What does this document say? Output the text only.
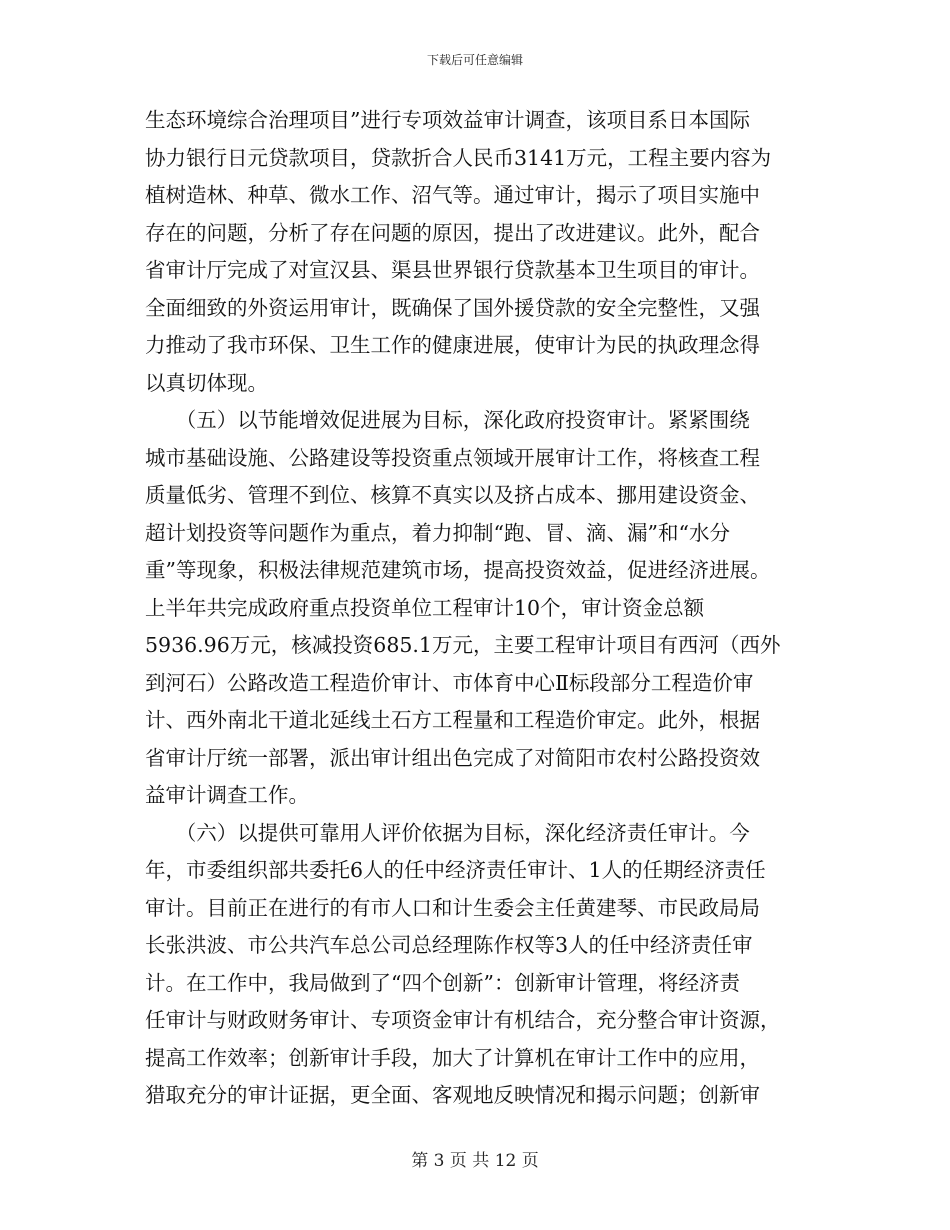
下载后可任意编辑

生态环境综合治理项目”进行专项效益审计调查，该项目系日本国际
协力银行日元贷款项目，贷款折合人民币3141万元，工程主要内容为
植树造林、种草、微水工作、沼气等。通过审计，揭示了项目实施中
存在的问题，分析了存在问题的原因，提出了改进建议。此外，配合
省审计厅完成了对宣汉县、渠县世界银行贷款基本卫生项目的审计。
全面细致的外资运用审计，既确保了国外援贷款的安全完整性，又强
力推动了我市环保、卫生工作的健康进展，使审计为民的执政理念得
以真切体现。

　　（五）以节能增效促进展为目标，深化政府投资审计。紧紧围绕
城市基础设施、公路建设等投资重点领域开展审计工作，将核查工程
质量低劣、管理不到位、核算不真实以及挤占成本、挪用建设资金、
超计划投资等问题作为重点，着力抑制“跑、冒、滴、漏”和“水分
重”等现象，积极法律规范建筑市场，提高投资效益，促进经济进展。
上半年共完成政府重点投资单位工程审计10个，审计资金总额
5936.96万元，核减投资685.1万元，主要工程审计项目有西河（西外
到河石）公路改造工程造价审计、市体育中心Ⅱ标段部分工程造价审
计、西外南北干道北延线土石方工程量和工程造价审定。此外，根据
省审计厅统一部署，派出审计组出色完成了对简阳市农村公路投资效
益审计调查工作。

　　（六）以提供可靠用人评价依据为目标，深化经济责任审计。今
年，市委组织部共委托6人的任中经济责任审计、1人的任期经济责任
审计。目前正在进行的有市人口和计生委会主任黄建琴、市民政局局
长张洪波、市公共汽车总公司总经理陈作权等3人的任中经济责任审
计。在工作中，我局做到了“四个创新”：创新审计管理，将经济责
任审计与财政财务审计、专项资金审计有机结合，充分整合审计资源，
提高工作效率；创新审计手段，加大了计算机在审计工作中的应用，
猎取充分的审计证据，更全面、客观地反映情况和揭示问题；创新审

第 3 页 共 12 页
